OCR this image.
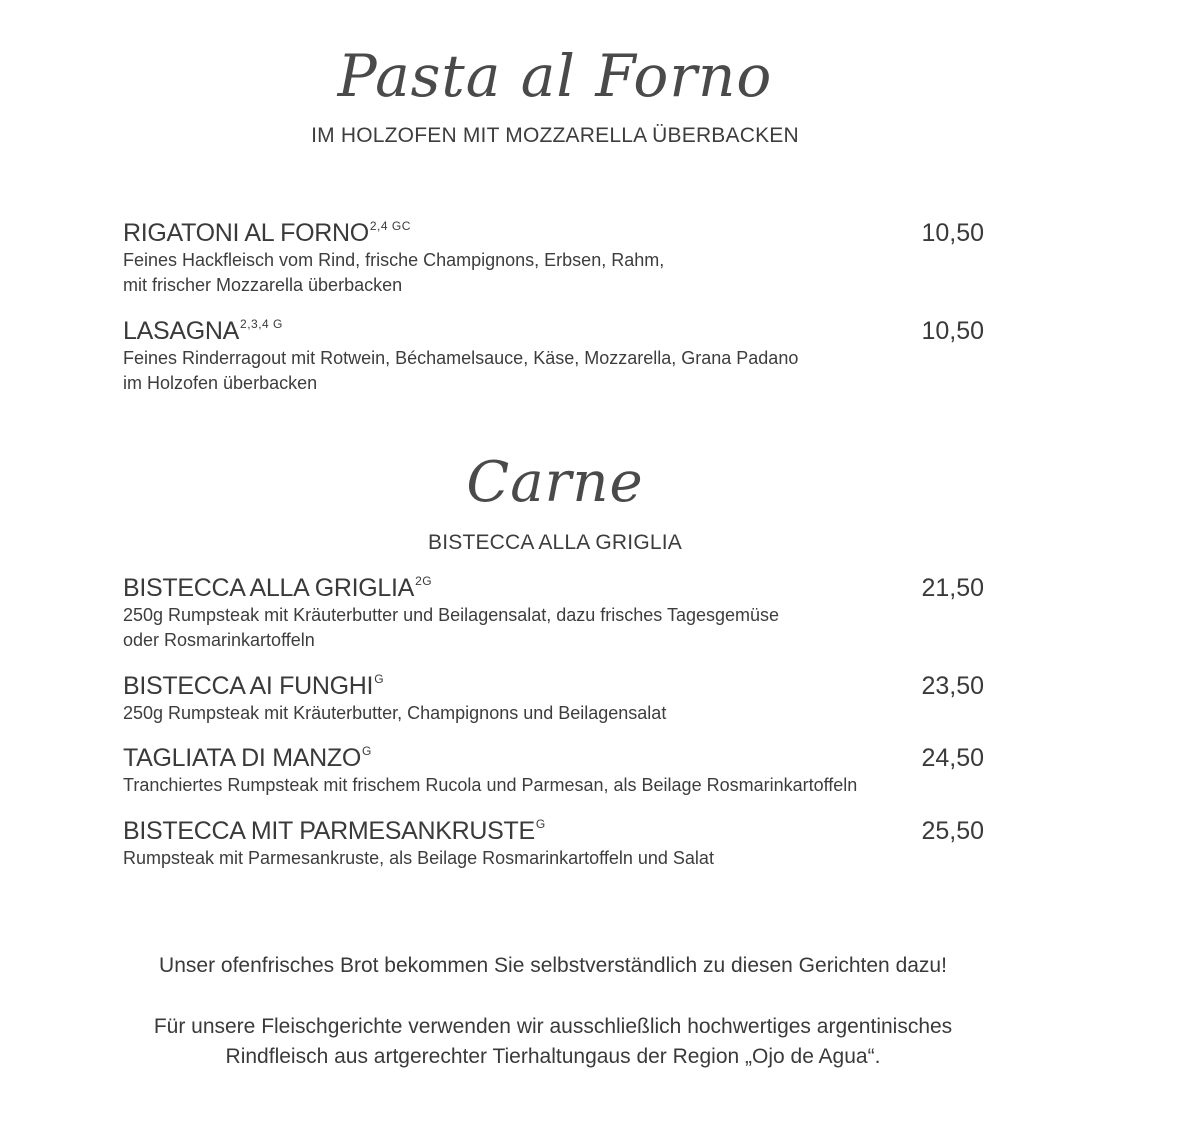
Pasta al Forno
IM HOLZOFEN MIT MOZZARELLA ÜBERBACKEN
RIGATONI AL $FORNO^{2,4 GC}$	10,50
Feines Hackfleisch vom Rind, frische Champignons, Erbsen, Rahm,
mit frischer Mozzarella überbacken
$LASAGNA^{2,3,4 G}$	10,50
Feines Rinderragout mit Rotwein, Béchamelsauce, Käse, Mozzarella, Grana Padano
im Holzofen überbacken
Carne
BISTECCA ALLA GRIGLIA
BISTECCA ALLA $GRIGLIA^{2G}$	21,50
250g Rumpsteak mit Kräuterbutter und Beilagensalat, dazu frisches Tagesgemüse
oder Rosmarinkartoffeln
BISTECCA AI $FUNGHI^G$	23,50
250g Rumpsteak mit Kräuterbutter, Champignons und Beilagensalat
TAGLIATA DI $MANZO^G$	24,50
Tranchiertes Rumpsteak mit frischem Rucola und Parmesan, als Beilage Rosmarinkartoffeln
BISTECCA MIT $PARMESANKRUSTE^G$	25,50
Rumpsteak mit Parmesankruste, als Beilage Rosmarinkartoffeln und Salat
Unser ofenfrisches Brot bekommen Sie selbstverständlich zu diesen Gerichten dazu!
Für unsere Fleischgerichte verwenden wir ausschließlich hochwertiges argentinisches
Rindfleisch aus artgerechter Tierhaltungaus der Region „Ojo de Agua“.
